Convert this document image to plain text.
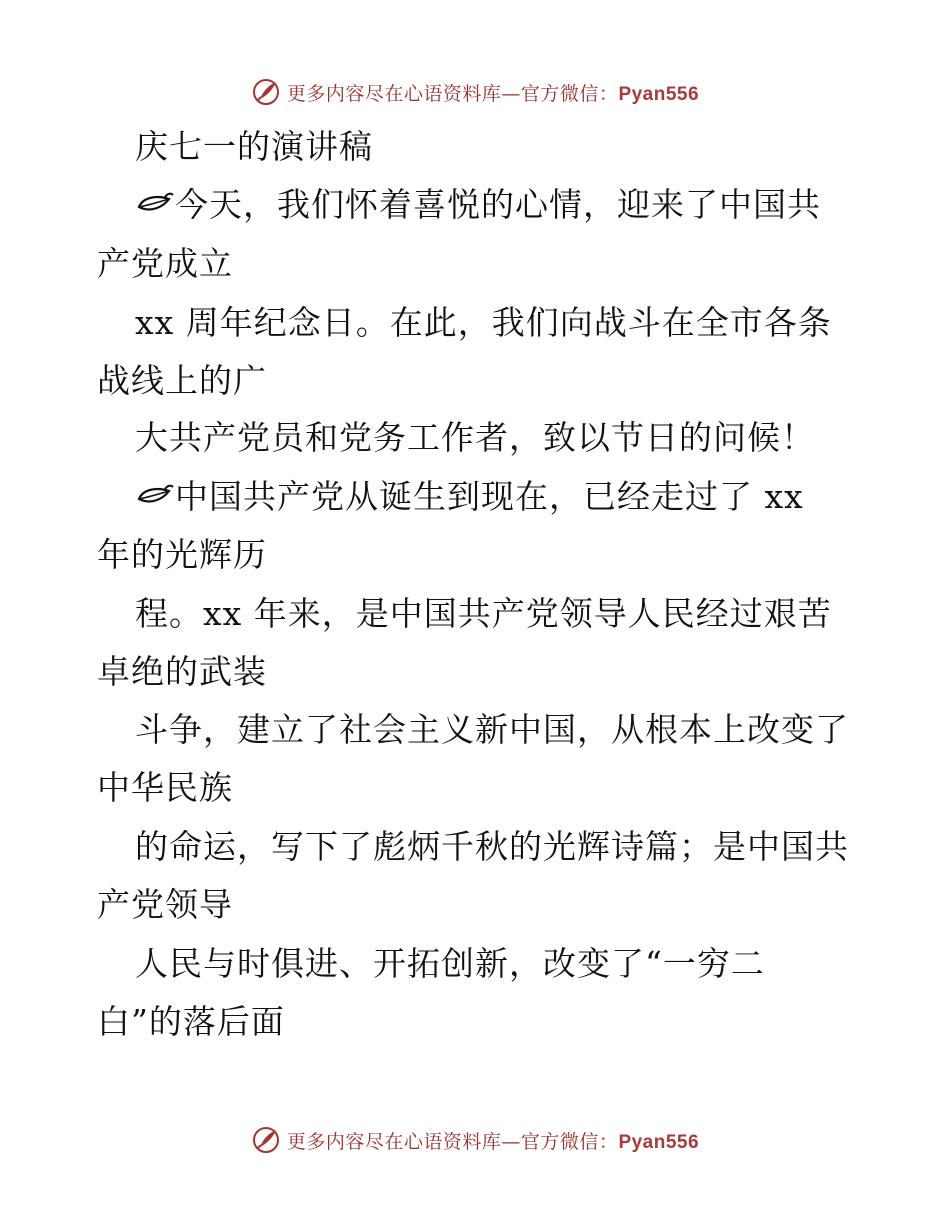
更多内容尽在心语资料库—官方微信：Pyan556
庆七一的演讲稿
今天，我们怀着喜悦的心情，迎来了中国共
产党成立
xx 周年纪念日。在此，我们向战斗在全市各条
战线上的广
大共产党员和党务工作者，致以节日的问候！
中国共产党从诞生到现在，已经走过了 xx
年的光辉历
程。xx 年来，是中国共产党领导人民经过艰苦
卓绝的武装
斗争，建立了社会主义新中国，从根本上改变了
中华民族
的命运，写下了彪炳千秋的光辉诗篇；是中国共
产党领导
人民与时俱进、开拓创新，改变了“一穷二
白”的落后面
更多内容尽在心语资料库—官方微信：Pyan556
